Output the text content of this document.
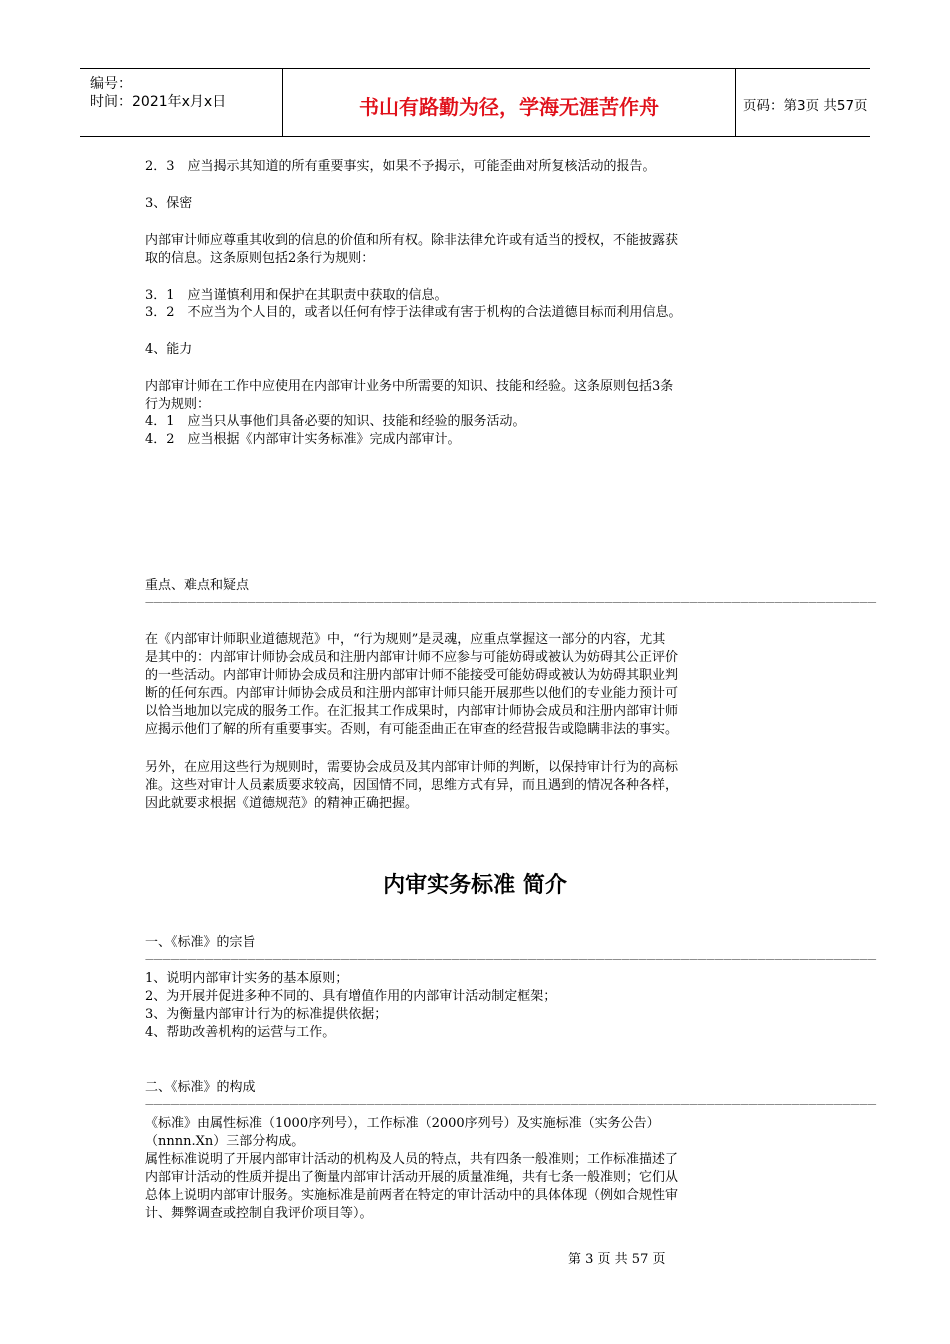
编号：
时间：2021年x月x日	书山有路勤为径，学海无涯苦作舟	页码：第3页 共57页
2．3　应当揭示其知道的所有重要事实，如果不予揭示，可能歪曲对所复核活动的报告。
3、保密
内部审计师应尊重其收到的信息的价值和所有权。除非法律允许或有适当的授权，不能披露获
取的信息。这条原则包括2条行为规则：
3．1　应当谨慎利用和保护在其职责中获取的信息。
3．2　不应当为个人目的，或者以任何有悖于法律或有害于机构的合法道德目标而利用信息。
4、能力
内部审计师在工作中应使用在内部审计业务中所需要的知识、技能和经验。这条原则包括3条
行为规则：
4．1　应当只从事他们具备必要的知识、技能和经验的服务活动。
4．2　应当根据《内部审计实务标准》完成内部审计。
重点、难点和疑点
——————————————————————————————————————————————————————————————————————————————————————
在《内部审计师职业道德规范》中，“行为规则”是灵魂，应重点掌握这一部分的内容，尤其
是其中的：内部审计师协会成员和注册内部审计师不应参与可能妨碍或被认为妨碍其公正评价
的一些活动。内部审计师协会成员和注册内部审计师不能接受可能妨碍或被认为妨碍其职业判
断的任何东西。内部审计师协会成员和注册内部审计师只能开展那些以他们的专业能力预计可
以恰当地加以完成的服务工作。在汇报其工作成果时，内部审计师协会成员和注册内部审计师
应揭示他们了解的所有重要事实。否则，有可能歪曲正在审查的经营报告或隐瞒非法的事实。
另外，在应用这些行为规则时，需要协会成员及其内部审计师的判断，以保持审计行为的高标
准。这些对审计人员素质要求较高，因国情不同，思维方式有异，而且遇到的情况各种各样，
因此就要求根据《道德规范》的精神正确把握。
内审实务标准 简介
一、《标准》的宗旨
——————————————————————————————————————————————————————————————————————————————————————
1、说明内部审计实务的基本原则；
2、为开展并促进多种不同的、具有增值作用的内部审计活动制定框架；
3、为衡量内部审计行为的标准提供依据；
4、帮助改善机构的运营与工作。
二、《标准》的构成
——————————————————————————————————————————————————————————————————————————————————————
《标准》由属性标准（1000序列号），工作标准（2000序列号）及实施标准（实务公告）
（nnnn.Xn）三部分构成。
属性标准说明了开展内部审计活动的机构及人员的特点，共有四条一般准则；工作标准描述了
内部审计活动的性质并提出了衡量内部审计活动开展的质量准绳，共有七条一般准则；它们从
总体上说明内部审计服务。实施标准是前两者在特定的审计活动中的具体体现（例如合规性审
计、舞弊调查或控制自我评价项目等）。
第 3 页 共 57 页
